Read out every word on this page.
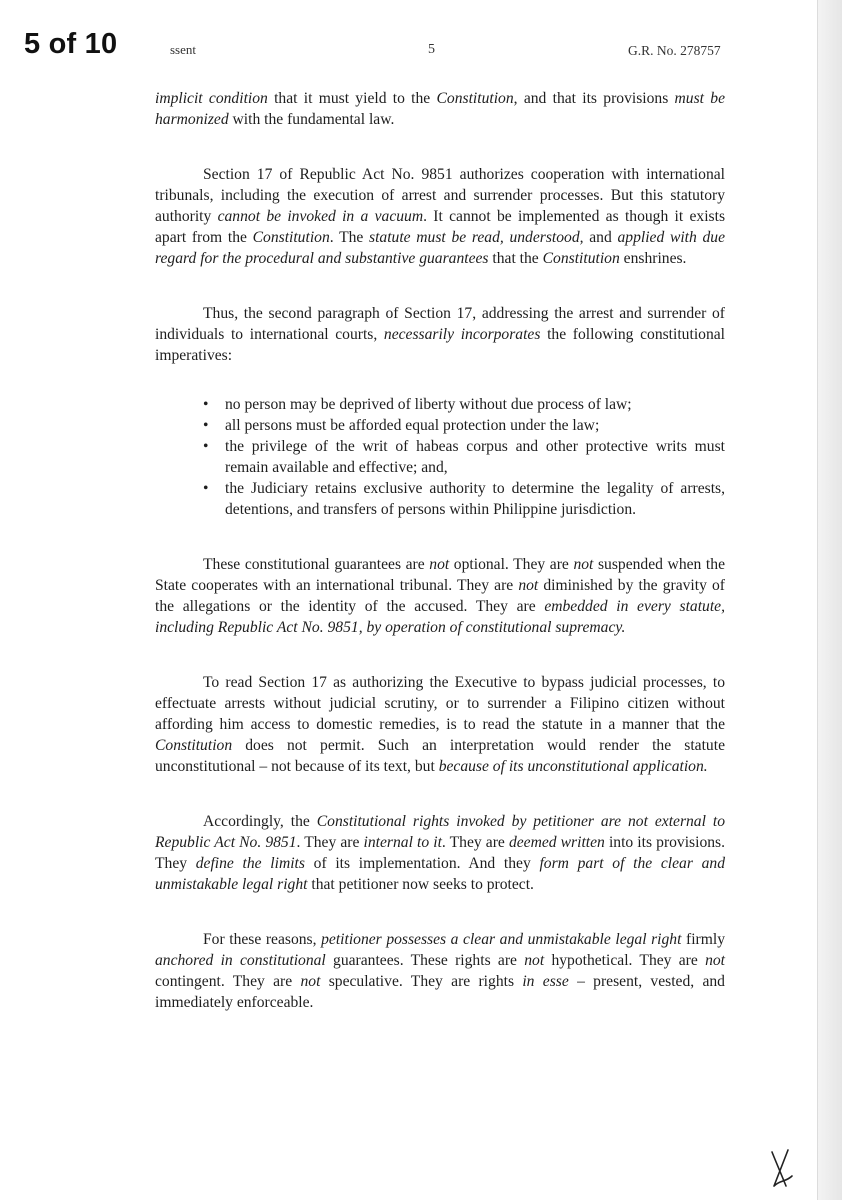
5 of 10	ssent	5	G.R. No. 278757

implicit condition that it must yield to the Constitution, and that its provisions must be harmonized with the fundamental law.

Section 17 of Republic Act No. 9851 authorizes cooperation with international tribunals, including the execution of arrest and surrender processes. But this statutory authority cannot be invoked in a vacuum. It cannot be implemented as though it exists apart from the Constitution. The statute must be read, understood, and applied with due regard for the procedural and substantive guarantees that the Constitution enshrines.

Thus, the second paragraph of Section 17, addressing the arrest and surrender of individuals to international courts, necessarily incorporates the following constitutional imperatives:

• no person may be deprived of liberty without due process of law;
• all persons must be afforded equal protection under the law;
• the privilege of the writ of habeas corpus and other protective writs must remain available and effective; and,
• the Judiciary retains exclusive authority to determine the legality of arrests, detentions, and transfers of persons within Philippine jurisdiction.

These constitutional guarantees are not optional. They are not suspended when the State cooperates with an international tribunal. They are not diminished by the gravity of the allegations or the identity of the accused. They are embedded in every statute, including Republic Act No. 9851, by operation of constitutional supremacy.

To read Section 17 as authorizing the Executive to bypass judicial processes, to effectuate arrests without judicial scrutiny, or to surrender a Filipino citizen without affording him access to domestic remedies, is to read the statute in a manner that the Constitution does not permit. Such an interpretation would render the statute unconstitutional – not because of its text, but because of its unconstitutional application.

Accordingly, the Constitutional rights invoked by petitioner are not external to Republic Act No. 9851. They are internal to it. They are deemed written into its provisions. They define the limits of its implementation. And they form part of the clear and unmistakable legal right that petitioner now seeks to protect.

For these reasons, petitioner possesses a clear and unmistakable legal right firmly anchored in constitutional guarantees. These rights are not hypothetical. They are not contingent. They are not speculative. They are rights in esse – present, vested, and immediately enforceable.
